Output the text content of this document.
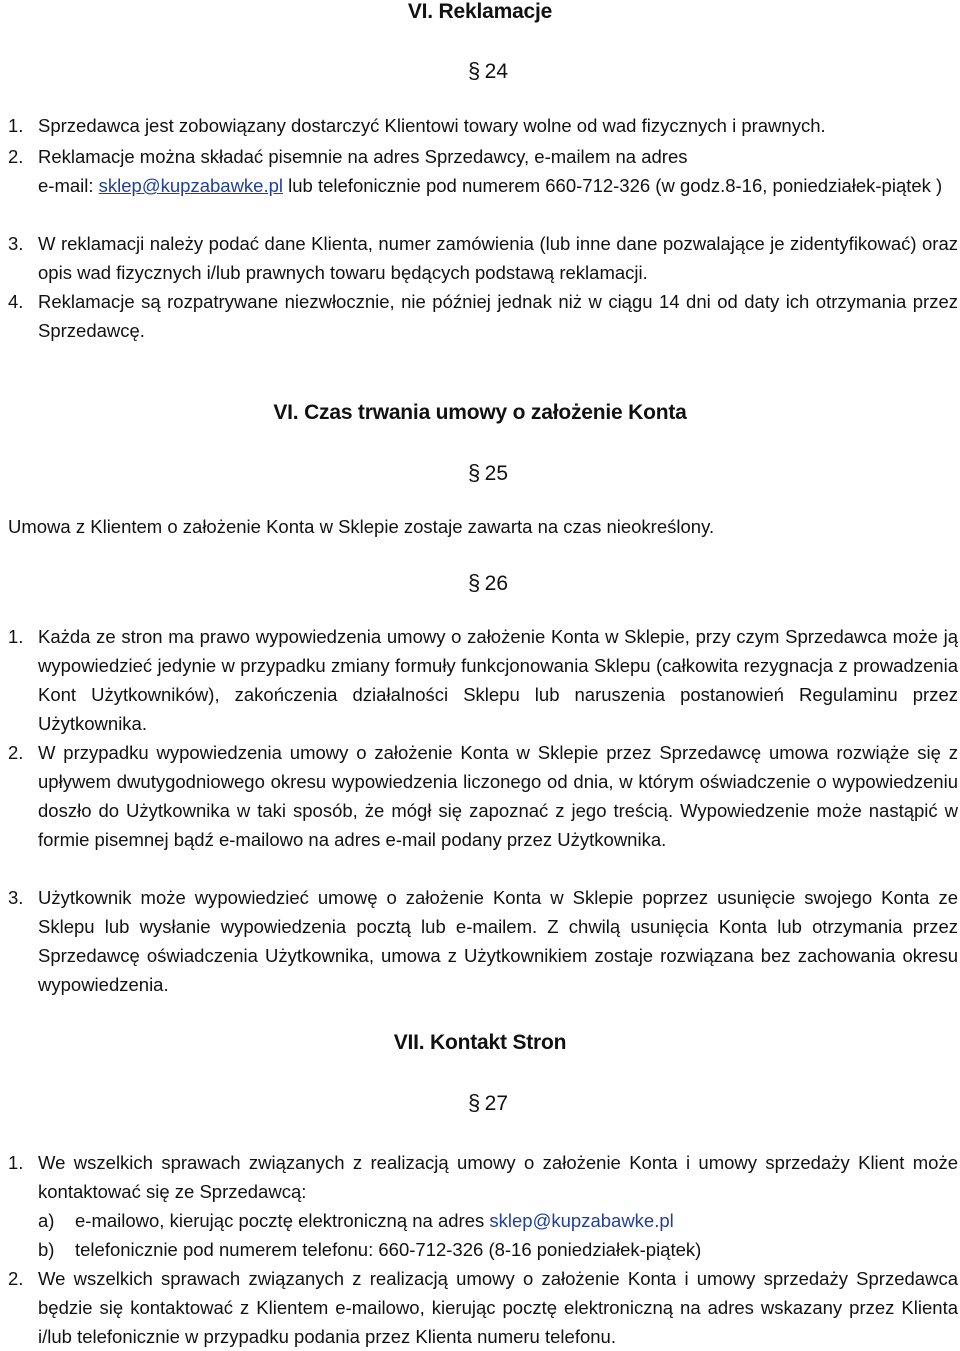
VI. Reklamacje
§ 24
1. Sprzedawca jest zobowiązany dostarczyć Klientowi towary wolne od wad fizycznych i prawnych.
2. Reklamacje można składać pisemnie na adres Sprzedawcy, e-mailem na adres
e-mail: sklep@kupzabawke.pl lub telefonicznie pod numerem 660-712-326 (w godz.8-16, poniedziałek-piątek )
3. W reklamacji należy podać dane Klienta, numer zamówienia (lub inne dane pozwalające je zidentyfikować) oraz opis wad fizycznych i/lub prawnych towaru będących podstawą reklamacji.
4. Reklamacje są rozpatrywane niezwłocznie, nie później jednak niż w ciągu 14 dni od daty ich otrzymania przez Sprzedawcę.
VI. Czas trwania umowy o założenie Konta
§ 25
Umowa z Klientem o założenie Konta w Sklepie zostaje zawarta na czas nieokreślony.
§ 26
1. Każda ze stron ma prawo wypowiedzenia umowy o założenie Konta w Sklepie, przy czym Sprzedawca może ją wypowiedzieć jedynie w przypadku zmiany formuły funkcjonowania Sklepu (całkowita rezygnacja z prowadzenia Kont Użytkowników), zakończenia działalności Sklepu lub naruszenia postanowień Regulaminu przez Użytkownika.
2. W przypadku wypowiedzenia umowy o założenie Konta w Sklepie przez Sprzedawcę umowa rozwiąże się z upływem dwutygodniowego okresu wypowiedzenia liczonego od dnia, w którym oświadczenie o wypowiedzeniu doszło do Użytkownika w taki sposób, że mógł się zapoznać z jego treścią. Wypowiedzenie może nastąpić w formie pisemnej bądź e-mailowo na adres e-mail podany przez Użytkownika.
3. Użytkownik może wypowiedzieć umowę o założenie Konta w Sklepie poprzez usunięcie swojego Konta ze Sklepu lub wysłanie wypowiedzenia pocztą lub e-mailem. Z chwilą usunięcia Konta lub otrzymania przez Sprzedawcę oświadczenia Użytkownika, umowa z Użytkownikiem zostaje rozwiązana bez zachowania okresu wypowiedzenia.
VII. Kontakt Stron
§ 27
1. We wszelkich sprawach związanych z realizacją umowy o założenie Konta i umowy sprzedaży Klient może kontaktować się ze Sprzedawcą:
a) e-mailowo, kierując pocztę elektroniczną na adres sklep@kupzabawke.pl
b) telefonicznie pod numerem telefonu: 660-712-326 (8-16 poniedziałek-piątek)
2. We wszelkich sprawach związanych z realizacją umowy o założenie Konta i umowy sprzedaży Sprzedawca będzie się kontaktować z Klientem e-mailowo, kierując pocztę elektroniczną na adres wskazany przez Klienta i/lub telefonicznie w przypadku podania przez Klienta numeru telefonu.
